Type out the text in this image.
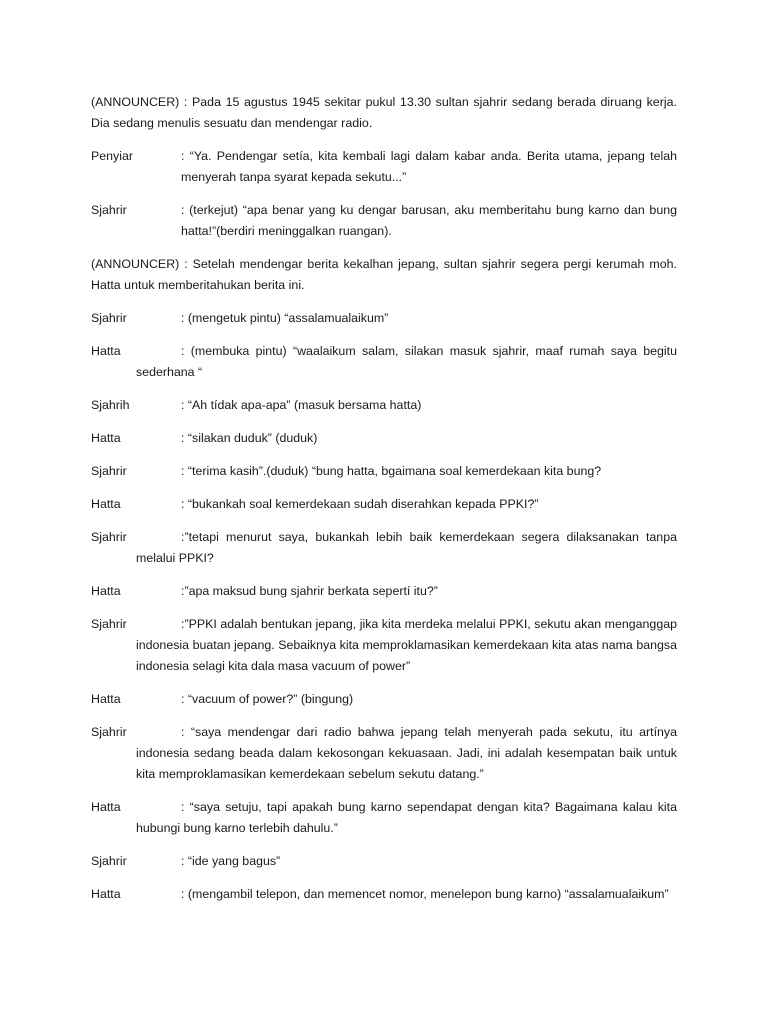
(ANNOUNCER) : Pada 15 agustus 1945 sekitar pukul 13.30 sultan sjahrir sedang berada diruang kerja. Dia sedang menulis sesuatu dan mendengar radio.

Penyiar	: “Ya. Pendengar setía, kita kembali lagi dalam kabar anda. Berita utama, jepang telah menyerah tanpa syarat kepada sekutu...”
Sjahrir	: (terkejut) “apa benar yang ku dengar barusan, aku memberitahu bung karno dan bung hatta!”(berdiri meninggalkan ruangan).

(ANNOUNCER) : Setelah mendengar berita kekalhan jepang, sultan sjahrir segera pergi kerumah moh. Hatta untuk memberitahukan berita ini.

Sjahrir	: (mengetuk pintu) “assalamualaikum”
Hatta	: (membuka pintu) “waalaikum salam, silakan masuk sjahrir, maaf rumah saya begitu sederhana “
Sjahrih	: “Ah tídak apa-apa” (masuk bersama hatta)
Hatta	: “silakan duduk” (duduk)
Sjahrir	: “terima kasih”.(duduk) “bung hatta, bgaimana soal kemerdekaan kita bung?
Hatta	: “bukankah soal kemerdekaan sudah diserahkan kepada PPKI?”
Sjahrir	:”tetapi menurut saya, bukankah lebih baik kemerdekaan segera dilaksanakan tanpa melalui PPKI?
Hatta	:”apa maksud bung sjahrir berkata sepertí itu?”
Sjahrir	:”PPKI adalah bentukan jepang, jika kita merdeka melalui PPKI, sekutu akan menganggap indonesia buatan jepang. Sebaiknya kita memproklamasikan kemerdekaan kita atas nama bangsa indonesia selagi kita dala masa vacuum of power”
Hatta	: “vacuum of power?” (bingung)
Sjahrir	: “saya mendengar dari radio bahwa jepang telah menyerah pada sekutu, itu artínya indonesia sedang beada dalam kekosongan kekuasaan. Jadi, ini adalah kesempatan baik untuk kita memproklamasikan kemerdekaan sebelum sekutu datang.”
Hatta	: “saya setuju, tapi apakah bung karno sependapat dengan kita? Bagaimana kalau kita hubungi bung karno terlebih dahulu.”
Sjahrir	: “ide yang bagus”
Hatta	: (mengambil telepon, dan memencet nomor, menelepon bung karno) “assalamualaikum”
